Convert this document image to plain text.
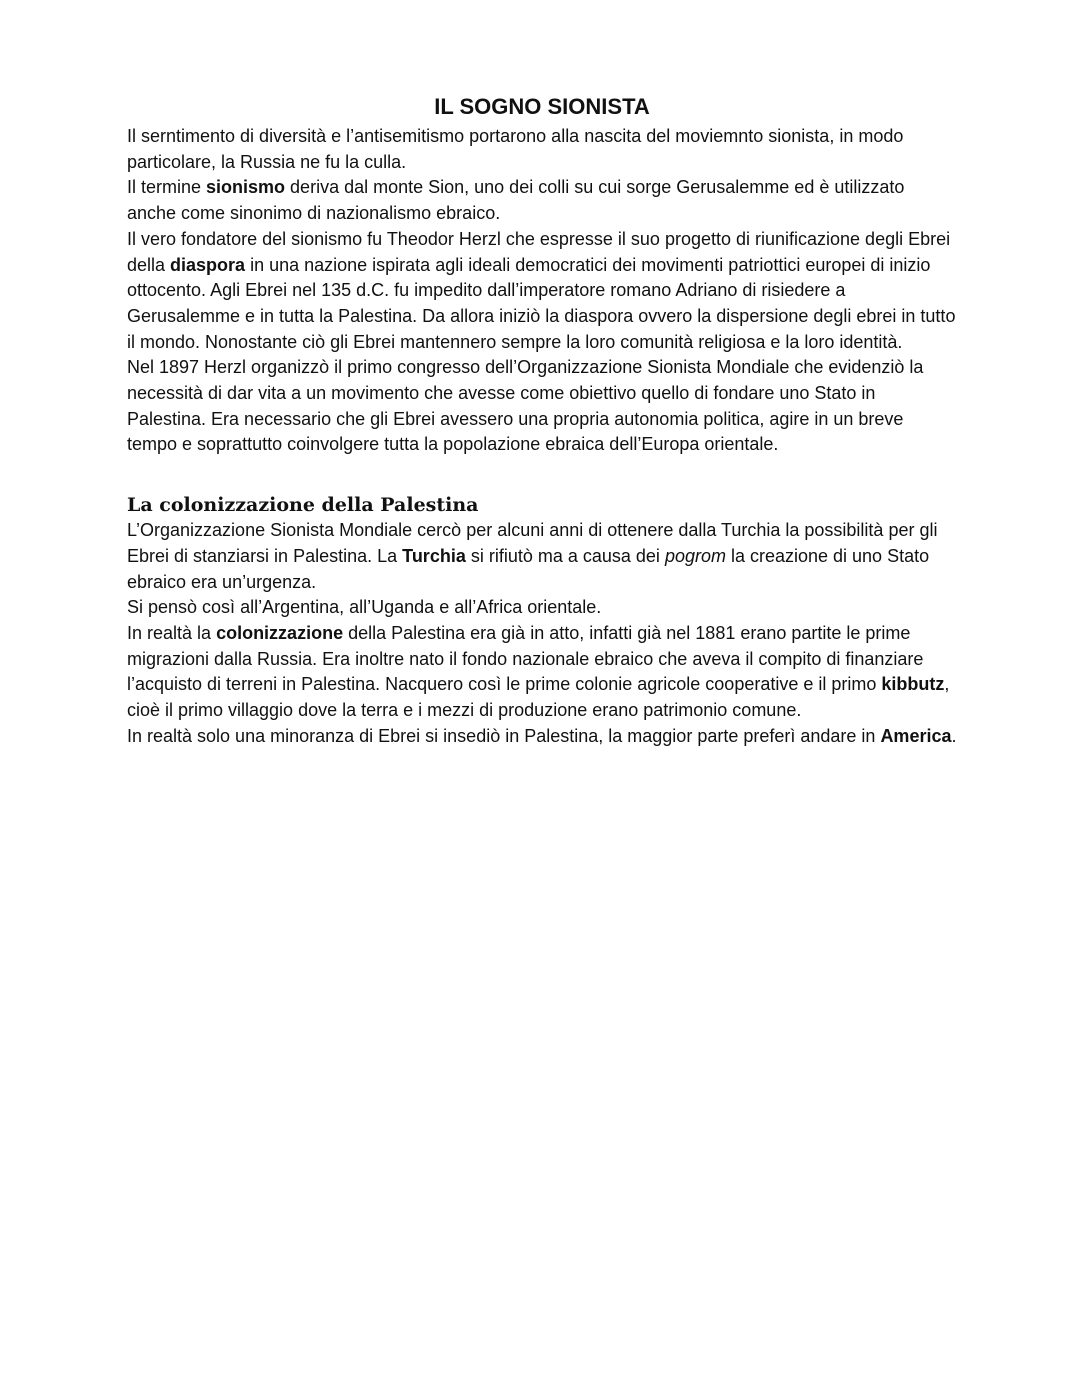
IL SOGNO SIONISTA

Il serntimento di diversità e l’antisemitismo portarono alla nascita del moviemnto sionista, in modo particolare, la Russia ne fu la culla.

Il termine sionismo deriva dal monte Sion, uno dei colli su cui sorge Gerusalemme ed è utilizzato anche come sinonimo di nazionalismo ebraico.

Il vero fondatore del sionismo fu Theodor Herzl che espresse il suo progetto di riunificazione degli Ebrei della diaspora in una nazione ispirata agli ideali democratici dei movimenti patriottici europei di inizio ottocento. Agli Ebrei nel 135 d.C. fu impedito dall’imperatore romano Adriano di risiedere a Gerusalemme e in tutta la Palestina. Da allora iniziò la diaspora ovvero la dispersione degli ebrei in tutto il mondo. Nonostante ciò gli Ebrei mantennero sempre la loro comunità religiosa e la loro identità.

Nel 1897 Herzl organizzò il primo congresso dell’Organizzazione Sionista Mondiale che evidenziò la necessità di dar vita a un movimento che avesse come obiettivo quello di fondare uno Stato in Palestina. Era necessario che gli Ebrei avessero una propria autonomia politica, agire in un breve tempo e soprattutto coinvolgere tutta la popolazione ebraica dell’Europa orientale.

La colonizzazione della Palestina

L’Organizzazione Sionista Mondiale cercò per alcuni anni di ottenere dalla Turchia la possibilità per gli Ebrei di stanziarsi in Palestina. La Turchia si rifiutò ma a causa dei pogrom la creazione di uno Stato ebraico era un’urgenza.

Si pensò così all’Argentina, all’Uganda e all’Africa orientale.

In realtà la colonizzazione della Palestina era già in atto, infatti già nel 1881 erano partite le prime migrazioni dalla Russia. Era inoltre nato il fondo nazionale ebraico che aveva il compito di finanziare l’acquisto di terreni in Palestina. Nacquero così le prime colonie agricole cooperative e il primo kibbutz, cioè il primo villaggio dove la terra e i mezzi di produzione erano patrimonio comune.

In realtà solo una minoranza di Ebrei si insediò in Palestina, la maggior parte preferì andare in America.
